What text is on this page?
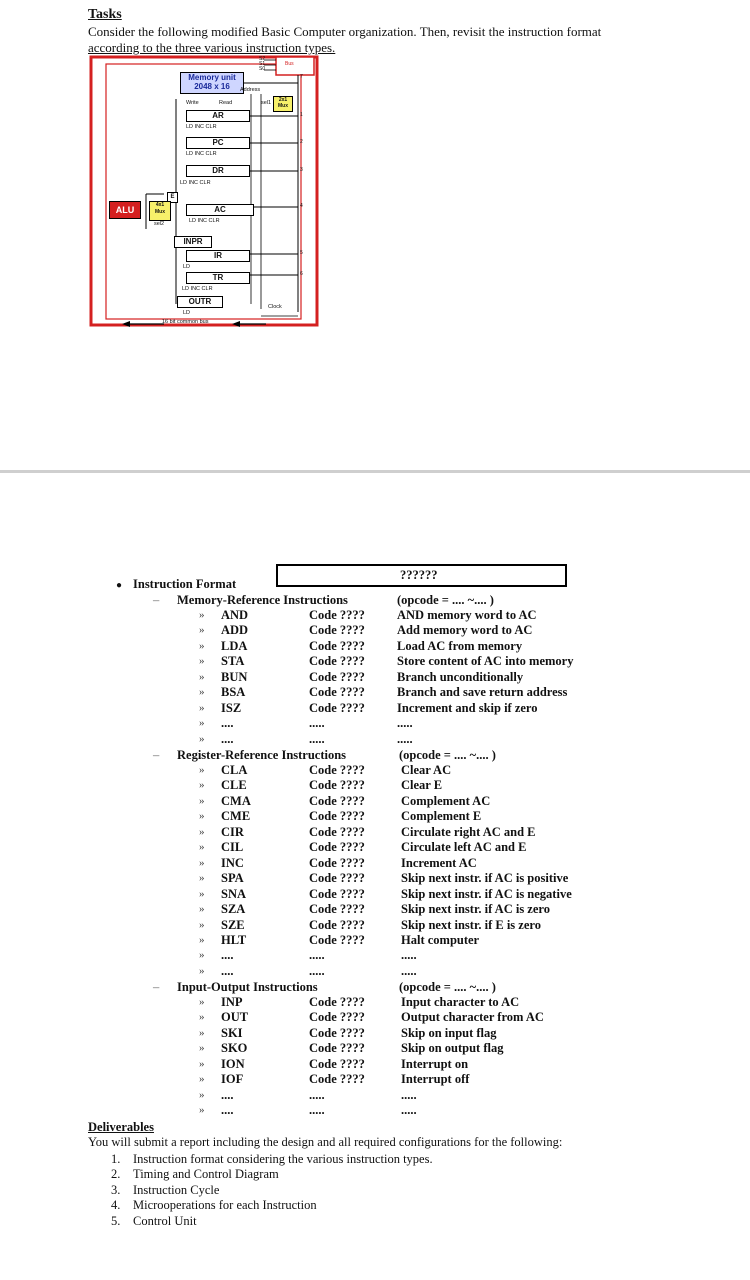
Tasks
Consider the following modified Basic Computer organization. Then, revisit the instruction format
according to the three various instruction types.
Memory unit
2048 x 16	Address
Write	Read	sel1	2x1
Mux
Bus
S2
S1
S0
AR
LD INC CLR
PC
LD INC CLR
DR
LD INC CLR
E
AC
LD INC CLR
ALU	4x1
Mux
sel2
INPR
IR
LD
TR
LD INC CLR
OUTR
LD
Clock
16 bit common bus
7
1
2
3
4
5
6
● Instruction Format
??????
– Memory-Reference Instructions	(opcode = .... ~.... )
» AND	Code ????	AND memory word to AC
» ADD	Code ????	Add memory word to AC
» LDA	Code ????	Load AC from memory
» STA	Code ????	Store content of AC into memory
» BUN	Code ????	Branch unconditionally
» BSA	Code ????	Branch and save return address
» ISZ	Code ????	Increment and skip if zero
» ....	.....	.....
» ....	.....	.....
– Register-Reference Instructions	(opcode = .... ~.... )
» CLA	Code ????	Clear AC
» CLE	Code ????	Clear E
» CMA	Code ????	Complement AC
» CME	Code ????	Complement E
» CIR	Code ????	Circulate right AC and E
» CIL	Code ????	Circulate left AC and E
» INC	Code ????	Increment AC
» SPA	Code ????	Skip next instr. if AC is positive
» SNA	Code ????	Skip next instr. if AC is negative
» SZA	Code ????	Skip next instr. if AC is zero
» SZE	Code ????	Skip next instr. if E is zero
» HLT	Code ????	Halt computer
» ....	.....	.....
» ....	.....	.....
– Input-Output Instructions	(opcode = .... ~.... )
» INP	Code ????	Input character to AC
» OUT	Code ????	Output character from AC
» SKI	Code ????	Skip on input flag
» SKO	Code ????	Skip on output flag
» ION	Code ????	Interrupt on
» IOF	Code ????	Interrupt off
» ....	.....	.....
» ....	.....	.....
Deliverables
You will submit a report including the design and all required configurations for the following:
1. Instruction format considering the various instruction types.
2. Timing and Control Diagram
3. Instruction Cycle
4. Microoperations for each Instruction
5. Control Unit
